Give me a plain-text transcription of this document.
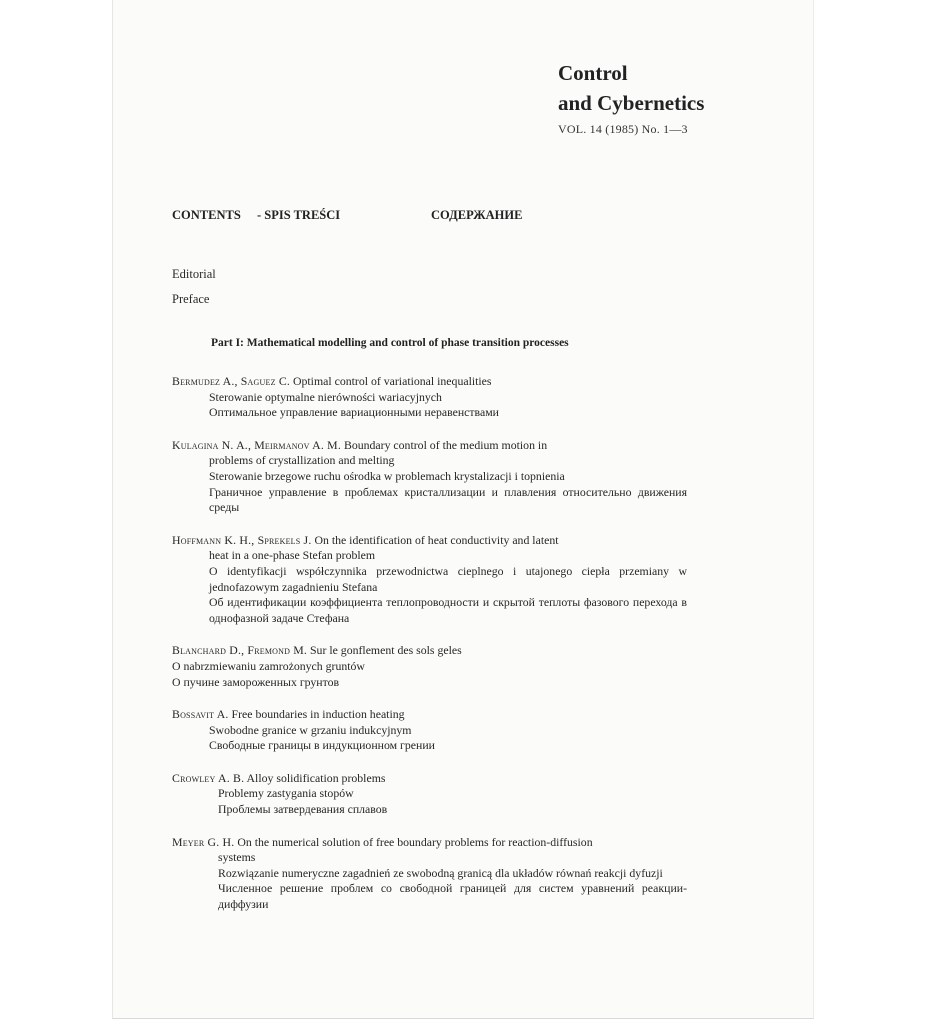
Control
and Cybernetics
VOL. 14 (1985) No. 1—3
CONTENTS - SPIS TREŚCI	СОДЕРЖАНИЕ
Editorial
Preface
Part I: Mathematical modelling and control of phase transition processes
Bermudez A., Saguez C. Optimal control of variational inequalities
Sterowanie optymalne nierówności wariacyjnych
Оптимальное управление вариационными неравенствами
Kulagina N. A., Meirmanov A. M. Boundary control of the medium motion in
problems of crystallization and melting
Sterowanie brzegowe ruchu ośrodka w problemach krystalizacji i topnienia
Граничное управление в проблемах кристаллизации и плавления относительно движения среды
Hoffmann K. H., Sprekels J. On the identification of heat conductivity and latent
heat in a one-phase Stefan problem
O identyfikacji współczynnika przewodnictwa cieplnego i utajonego ciepła przemiany w jednofazowym zagadnieniu Stefana
Об идентификации коэффициента теплопроводности и скрытой теплоты фазового перехода в однофазной задаче Стефана
Blanchard D., Fremond M. Sur le gonflement des sols geles
O nabrzmiewaniu zamrożonych gruntów
О пучине замороженных грунтов
Bossavit A. Free boundaries in induction heating
Swobodne granice w grzaniu indukcyjnym
Свободные границы в индукционном грении
Crowley A. B. Alloy solidification problems
Problemy zastygania stopów
Проблемы затвердевания сплавов
Meyer G. H. On the numerical solution of free boundary problems for reaction-diffusion
systems
Rozwiązanie numeryczne zagadnień ze swobodną granicą dla układów równań reakcji dyfuzji
Численное решение проблем со свободной границей для систем уравнений реакции-диффузии
